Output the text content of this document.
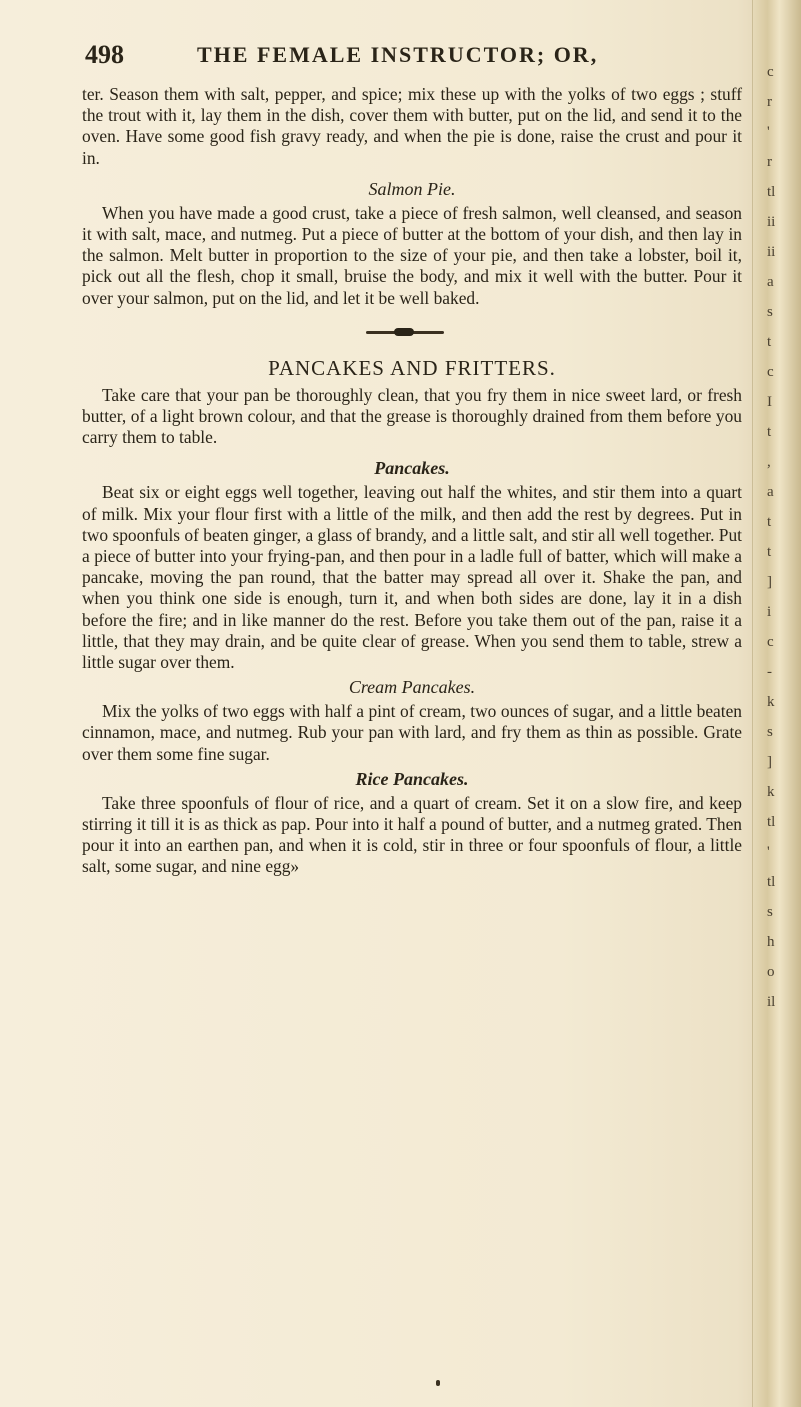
498	THE FEMALE INSTRUCTOR; OR,

ter. Season them with salt, pepper, and spice; mix these up with the yolks of two eggs ; stuff the trout with it, lay them in the dish, cover them with butter, put on the lid, and send it to the oven. Have some good fish gravy ready, and when the pie is done, raise the crust and pour it in.

Salmon Pie.

When you have made a good crust, take a piece of fresh salmon, well cleansed, and season it with salt, mace, and nutmeg. Put a piece of butter at the bottom of your dish, and then lay in the salmon. Melt butter in proportion to the size of your pie, and then take a lobster, boil it, pick out all the flesh, chop it small, bruise the body, and mix it well with the butter. Pour it over your salmon, put on the lid, and let it be well baked.

PANCAKES AND FRITTERS.

Take care that your pan be thoroughly clean, that you fry them in nice sweet lard, or fresh butter, of a light brown colour, and that the grease is thoroughly drained from them before you carry them to table.

Pancakes.

Beat six or eight eggs well together, leaving out half the whites, and stir them into a quart of milk. Mix your flour first with a little of the milk, and then add the rest by degrees. Put in two spoonfuls of beaten ginger, a glass of brandy, and a little salt, and stir all well together. Put a piece of butter into your frying-pan, and then pour in a ladle full of batter, which will make a pancake, moving the pan round, that the batter may spread all over it. Shake the pan, and when you think one side is enough, turn it, and when both sides are done, lay it in a dish before the fire; and in like manner do the rest. Before you take them out of the pan, raise it a little, that they may drain, and be quite clear of grease. When you send them to table, strew a little sugar over them.

Cream Pancakes.

Mix the yolks of two eggs with half a pint of cream, two ounces of sugar, and a little beaten cinnamon, mace, and nutmeg. Rub your pan with lard, and fry them as thin as possible. Grate over them some fine sugar.

Rice Pancakes.

Take three spoonfuls of flour of rice, and a quart of cream. Set it on a slow fire, and keep stirring it till it is as thick as pap. Pour into it half a pound of butter, and a nutmeg grated. Then pour it into an earthen pan, and when it is cold, stir in three or four spoonfuls of flour, a little salt, some sugar, and nine egg»

c
r
'
r
tl
ii
ii
a
s
t
c
I
t
,
a
t
t
]
i
c
-
k
s
]
k
tl
'
tl
s
h
o
il
